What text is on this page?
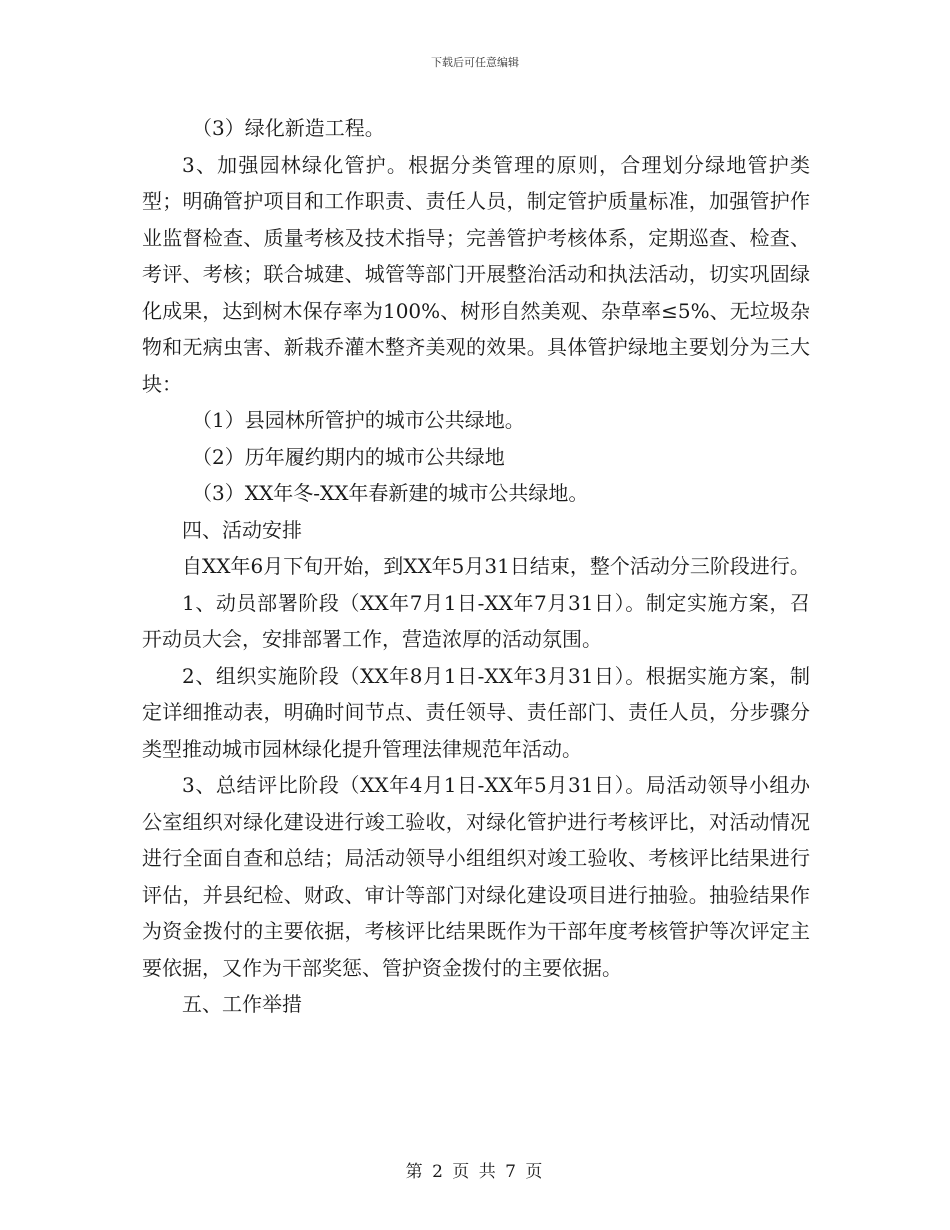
下载后可任意编辑

（3）绿化新造工程。

3、加强园林绿化管护。根据分类管理的原则，合理划分绿地管护类型；明确管护项目和工作职责、责任人员，制定管护质量标准，加强管护作业监督检查、质量考核及技术指导；完善管护考核体系，定期巡查、检查、考评、考核；联合城建、城管等部门开展整治活动和执法活动，切实巩固绿化成果，达到树木保存率为100%、树形自然美观、杂草率≤5%、无垃圾杂物和无病虫害、新栽乔灌木整齐美观的效果。具体管护绿地主要划分为三大块：

（1）县园林所管护的城市公共绿地。

（2）历年履约期内的城市公共绿地

（3）XX年冬-XX年春新建的城市公共绿地。

四、活动安排

自XX年6月下旬开始，到XX年5月31日结束，整个活动分三阶段进行。

1、动员部署阶段（XX年7月1日-XX年7月31日）。制定实施方案，召开动员大会，安排部署工作，营造浓厚的活动氛围。

2、组织实施阶段（XX年8月1日-XX年3月31日）。根据实施方案，制定详细推动表，明确时间节点、责任领导、责任部门、责任人员，分步骤分类型推动城市园林绿化提升管理法律规范年活动。

3、总结评比阶段（XX年4月1日-XX年5月31日）。局活动领导小组办公室组织对绿化建设进行竣工验收，对绿化管护进行考核评比，对活动情况进行全面自查和总结；局活动领导小组组织对竣工验收、考核评比结果进行评估，并县纪检、财政、审计等部门对绿化建设项目进行抽验。抽验结果作为资金拨付的主要依据，考核评比结果既作为干部年度考核管护等次评定主要依据，又作为干部奖惩、管护资金拨付的主要依据。

五、工作举措

第 2 页 共 7 页
